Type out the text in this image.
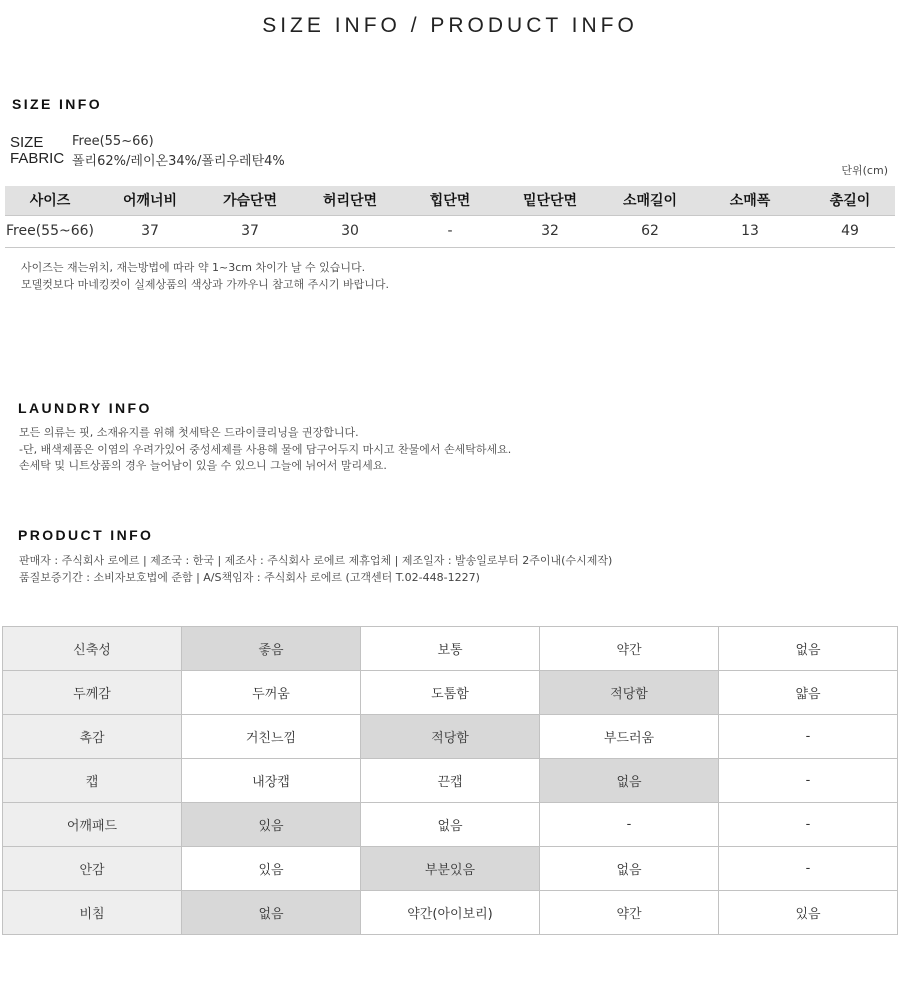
SIZE INFO / PRODUCT INFO
SIZE INFO
SIZE Free(55~66)
FABRIC 폴리62%/레이온34%/폴리우레탄4%
단위(cm)
사이즈	어깨너비	가슴단면	허리단면	힙단면	밑단단면	소매길이	소매폭	총길이
Free(55~66)	37	37	30	-	32	62	13	49
사이즈는 재는위치, 재는방법에 따라 약 1~3cm 차이가 날 수 있습니다.
모델컷보다 마네킹컷이 실제상품의 색상과 가까우니 참고해 주시기 바랍니다.
LAUNDRY INFO
모든 의류는 핏, 소재유지를 위해 첫세탁은 드라이클리닝을 권장합니다.
-단, 배색제품은 이염의 우려가있어 중성세제를 사용해 물에 담구어두지 마시고 찬물에서 손세탁하세요.
손세탁 및 니트상품의 경우 늘어남이 있을 수 있으니 그늘에 뉘어서 말리세요.
PRODUCT INFO
판매자 : 주식회사 로에르 | 제조국 : 한국 | 제조사 : 주식회사 로에르 제휴업체 | 제조일자 : 발송일로부터 2주이내(수시제작)
품질보증기간 : 소비자보호법에 준함 | A/S책임자 : 주식회사 로에르 (고객센터 T.02-448-1227)
신축성	좋음	보통	약간	없음
두께감	두꺼움	도톰함	적당함	얇음
촉감	거친느낌	적당함	부드러움	-
캡	내장캡	끈캡	없음	-
어깨패드	있음	없음	-	-
안감	있음	부분있음	없음	-
비침	없음	약간(아이보리)	약간	있음
